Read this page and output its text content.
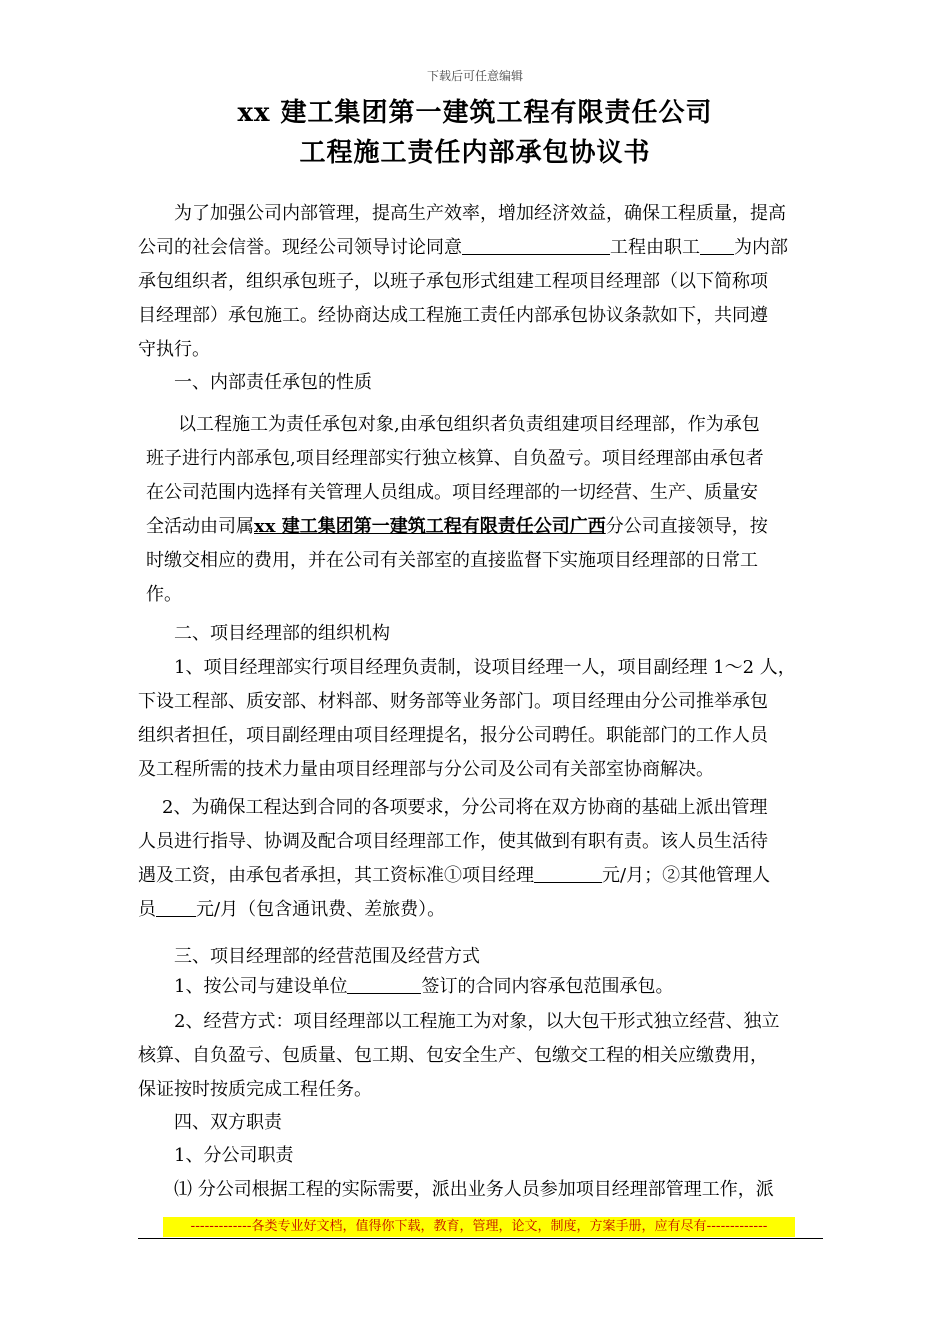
下载后可任意编辑
xx 建工集团第一建筑工程有限责任公司
工程施工责任内部承包协议书
为了加强公司内部管理，提高生产效率，增加经济效益，确保工程质量，提高
公司的社会信誉。现经公司领导讨论同意	工程由职工 为内部
承包组织者，组织承包班子，以班子承包形式组建工程项目经理部（以下简称项
目经理部）承包施工。经协商达成工程施工责任内部承包协议条款如下，共同遵
守执行。
一、内部责任承包的性质
以工程施工为责任承包对象,由承包组织者负责组建项目经理部，作为承包
班子进行内部承包,项目经理部实行独立核算、自负盈亏。项目经理部由承包者
在公司范围内选择有关管理人员组成。项目经理部的一切经营、生产、质量安
全活动由司属xx 建工集团第一建筑工程有限责任公司广西分公司直接领导，按
时缴交相应的费用，并在公司有关部室的直接监督下实施项目经理部的日常工
作。
二、项目经理部的组织机构
1、项目经理部实行项目经理负责制，设项目经理一人，项目副经理 1～2 人，
下设工程部、质安部、材料部、财务部等业务部门。项目经理由分公司推举承包
组织者担任，项目副经理由项目经理提名，报分公司聘任。职能部门的工作人员
及工程所需的技术力量由项目经理部与分公司及公司有关部室协商解决。
2、为确保工程达到合同的各项要求，分公司将在双方协商的基础上派出管理
人员进行指导、协调及配合项目经理部工作，使其做到有职有责。该人员生活待
遇及工资，由承包者承担，其工资标准①项目经理	元/月；②其他管理人
员 元/月（包含通讯费、差旅费）。
三、项目经理部的经营范围及经营方式
1、按公司与建设单位	签订的合同内容承包范围承包。
2、经营方式：项目经理部以工程施工为对象，以大包干形式独立经营、独立
核算、自负盈亏、包质量、包工期、包安全生产、包缴交工程的相关应缴费用，
保证按时按质完成工程任务。
四、双方职责
1、分公司职责
⑴ 分公司根据工程的实际需要，派出业务人员参加项目经理部管理工作，派
-------------各类专业好文档，值得你下载，教育，管理，论文，制度，方案手册，应有尽有-------------
